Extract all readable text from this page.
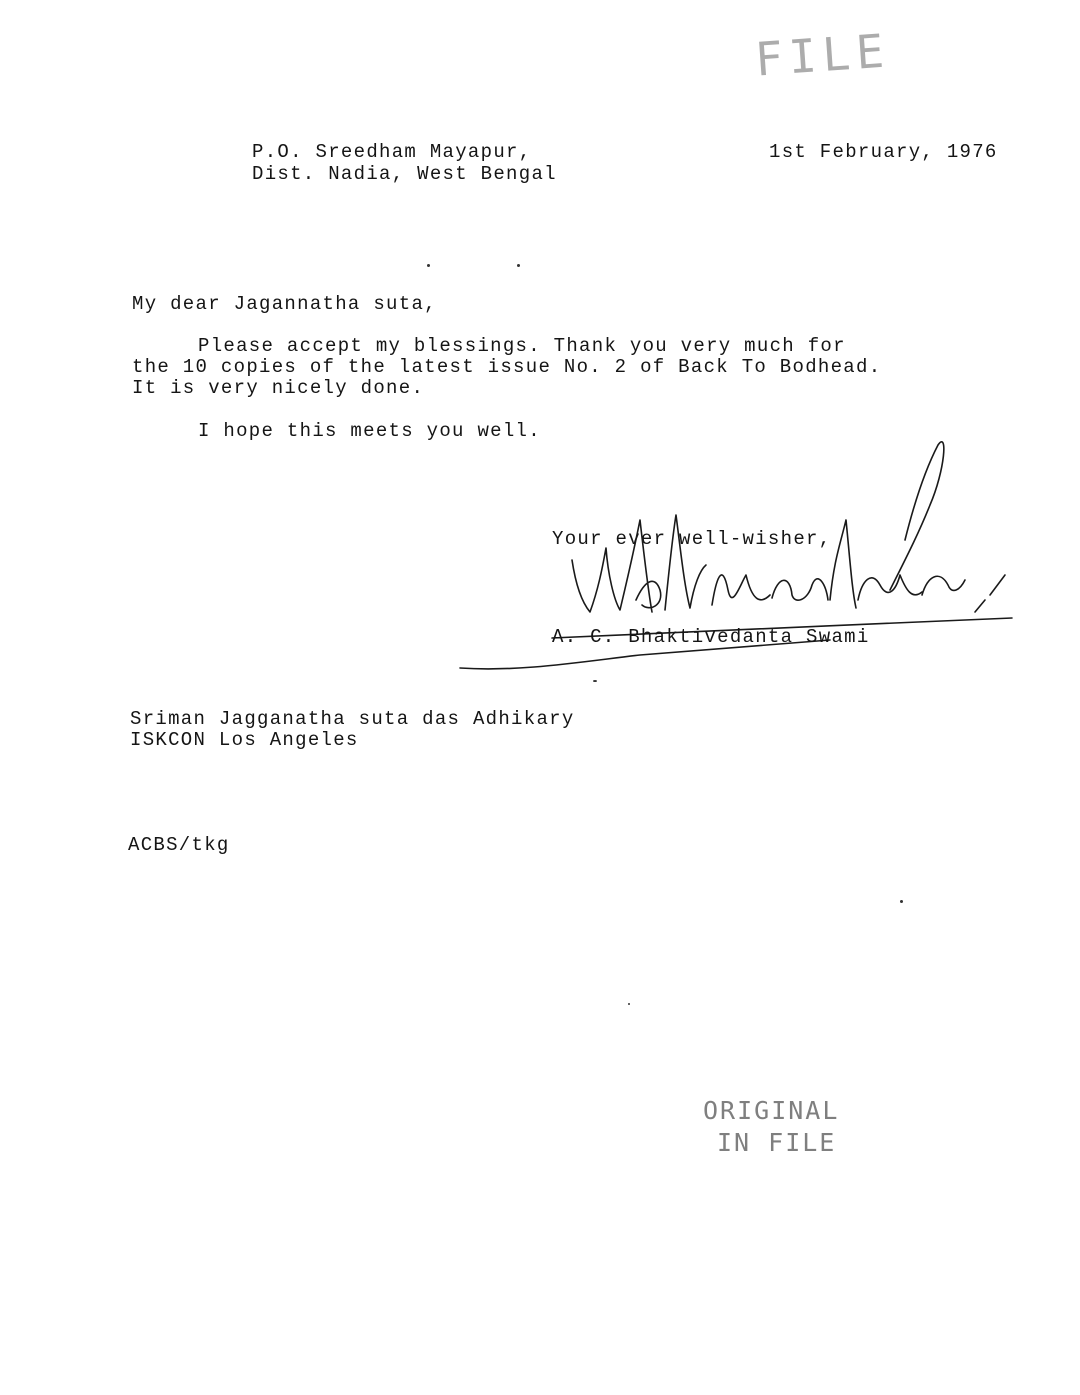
FILE
P.O. Sreedham Mayapur,
Dist. Nadia, West Bengal
1st February, 1976
My dear Jagannatha suta,
Please accept my blessings. Thank you very much for
the 10 copies of the latest issue No. 2 of Back To Bodhead.
It is very nicely done.
I hope this meets you well.
Your ever well-wisher,
A. C. Bhaktivedanta Swami
Sriman Jagganatha suta das Adhikary
ISKCON Los Angeles
ACBS/tkg
ORIGINAL
IN FILE
